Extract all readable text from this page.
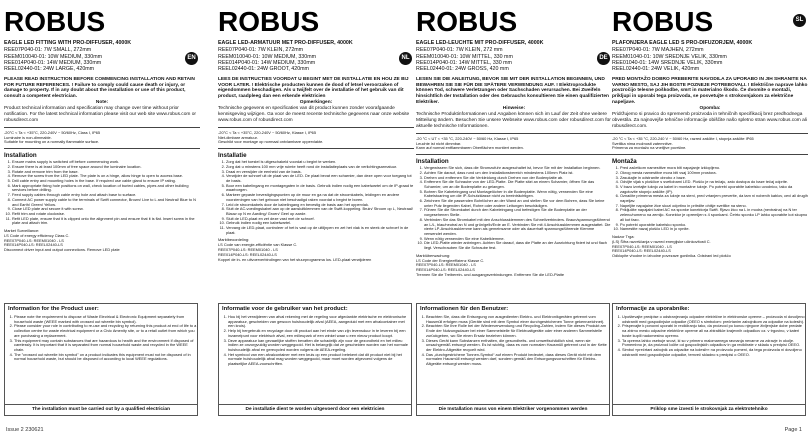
ROBUS
EN
EAGLE LED FITTING WITH PRO-DIFFUSER, 4000K
REE07P040-01: 7W SMALL, 272mm
REEM010040-01: 10W MEDIUM, 330mm
REE014P040-01: 14W MEDIUM, 330mm
REEL02440-01: 24W LARGE, 420mm
PLEASE READ INSTRUCTION BEFORE COMMENCING INSTALLATION AND RETAIN FOR FUTURE REFERENCES. ! Failure to comply could cause death or injury, or damage to property. If in any doubt about the installation or use of this product, consult a competent electrician.
Note:
Product technical information and specification may change over time without prior notification. For the latest technical information please visit our web site www.robus.com or robusdirect.com
-20°C < Ta < +35°C, 220-240V ~ 50/60Hz, Class I, IP65
Luminaire is non-dimmable.
Suitable for mounting on a normally flammable surface.
Installation
1. Ensure mains supply is switched off before commencing work.
2. Ensure there is at least 100mm of free space around the luminaire location.
3. Rotate and remove trim from the base.
4. Remove the screw from the LED plate. The plate is on a hinge, allow hinge to open to access base.
5. Drill cable entry and mounting holes in the base. If required use cable gland to ensure IP rating.
6. Mark appropriate fixing hole positions on wall, check location of buried cables, pipes and other building services before drilling.
7. Feed supply cables through cable entry hole and attach base to surface.
8. Connect AC power supply cable to the terminals of Swift connector, Brown/ Live to L and Neutral/ Blue to N and Earth/ Green/ Yellow.
9. Close LED plate and secure it with screw.
10. Refit trim and rotate clockwise.
11. Refit LED plate, ensure that it is clipped onto the alignment pin and ensure that it is flat. Insert screw in the plate and attach trim.
Market Surveillance:
LS Code of energy efficiency Class C.
REE07P040-LS: REEM01040 - LS
REE014P040-LS: REEL02440-LS
Disconnect driver input and output connections. Remove LED plate
Information for the Product user:
1. Please note the requirement to dispose of Waste Electrical & Electronic Equipment separately from household waste (WEEE marked with crossed out wheelie bin symbol).
2. Please consider your role in contributing to re-use and recycling by returning this product at end of life to a collection centre for waste electrical equipment or a Civic Amenity site, or to a retail outlet from which you are purchasing a replacement.
3. This equipment may contain substances that are hazardous to health and the environment if disposed of carelessly. It is important that it is separated from normal household waste and recycled in the WEEE chain.
4. The "crossed out wheelie bin symbol" on a product indicates this equipment must not be disposed of in normal household waste, but should be disposed of according to local WEEE regulations.
The installation must be carried out by a qualified electrician
ROBUS
NL
EAGLE LED-ARMATUUR MET PRO-DIFFUSER, 4000K
REE07P040-01: 7W KLEIN, 272mm
REEM010040-01: 10W MEDIUM, 330mm
REE014P040-01: 14W MEDIUM, 330mm
REEL02440-01: 24W GROOT, 420mm
LEES DE INSTRUCTIES VOORDAT U BEGINT MET DE INSTALLATIE EN HOU ZE BIJ VOOR LATER. ! Elektrische producten kunnen de dood of letsel veroorzaken of eigendommen beschadigen. Als u twijfelt over de installatie of het gebruik van dit product, raadpleeg dan een erkende elektricien
Opmerkingen:
Technische gegevens en specificaties van dit product kunnen zonder voorafgaande kennisgeving wijzigen. Ga voor de meest recente technische gegevens naar onze website www.robus.com of robusdirect.com
-20°C < Ta < +35°C, 220-240V ~ 50/60Hz, Klasse I, IP65
Niet-dimbare armatuur.
Geschikt voor montage op normaal ontvlambare oppervlakte.
Installatie
1. Zorg dat het toestel is uitgeschakeld voordat u begint te werken.
2. Zorg dat u minstens 100 mm vrije ruimte heeft rond de installatieplaats van de verlichtingsarmatuur.
3. Draai en verwijder de eenheid van de basis.
4. Verwijder de schroef uit de plaat van de LED. De plaat bevat een scharnier, dan deze open voor toegang tot de basis.
5. Boor een kabelingang en montagegaten in de basis. Gebruik indien nodig een kabelwartel om de IP-graad te waarborgen.
6. Markeer gepaste bevestigingspunten op de muur en ga na dat de stroomkabels, leidingen en andere voorzieningen van het gebouw niet beschadigd raken voordat u begint te boren.
7. Leid de stroomkabels door de kabelingang en bevestig de basis aan het oppervlak.
8. Sluit de AC-voedingskabel aan op de aansluitklemmen van de Swift-koppeling. Bruin/ Stroom op L, Neutraal/ Blauw op N en Aarding/ Groen/ Geel op aarde.
9. Sluit de LED-plaat en zet deze vast met de schroef.
10. Gebruik indien nodig een kabelwartel.
11. Vervang de LED-plaat, controleer of het is vast op de uitlijnpen en zet het vlak is en steek de schroef in de plaat.
Marktbeoordeling:
LS Code van energie-efficiëntie van Klasse C.
REE07P040-LS: REEM01040 - LS
REE014P040-LS: REEL02440-LS
Koppel de in- en uitvoerverbindingen van het stuurprogramma los. LED-plaat verwijderen
Informatie voor de gebruiker van het product:
1. Hou bij het verwijderen van afval rekening met de regeling voor afgedankte elektrische en elektronische apparatuur, gescheiden van gewoon huishoudelijk afval (AEEA, aangeduid met een afvalcontainer met een kruis).
2. Help bij hergebruik en recyclage door dit product aan het einde van zijn levensduur in te leveren bij een inzamelpunt voor elektrisch afval, een milieupark of een winkel waar u een nieuw product koopt.
3. Deze apparatuur kan gevaarlijke stoffen bevatten die schadelijk zijn voor de gezondheid en het milieu indien ze onzorgvuldig worden weggegooid. Het is belangrijk dat ze gescheiden worden van het normale huishoudelijk afval en gerecycled worden volgens de AEEA-regeling.
4. Het symbool van een afvalcontainer met een kruis op een product betekent dat dit product niet bij het normale huishoudelijk afval mag worden weggegooid, maar moet worden afgevoerd volgens de plaatselijke AEEA-voorschriften.
De installatie dient te worden uitgevoerd door een elektricien
ROBUS
DE
EAGLE LED-LEUCHTE MIT PRO-DIFFUSER, 4000K
REE07P040-01: 7W KLEIN, 272 mm
REEM010040-01: 10W MITTEL, 330 mm
REE014P040-01: 14W MITTEL, 330 mm
REEL02440-01: 24W GROSS, 420 mm
LESEN SIE DIE ANLEITUNG, BEVOR SIE MIT DER INSTALLATION BEGINNEN, UND BEWAHREN SIE SIE FÜR DIE SPÄTERE VERWENDUNG AUF. ! Elektroprodukte können Tod, schwere Verletzungen oder Sachschaden verursachen. Bei Zweifeln hinsichtlich der Installation oder des Gebrauchs konsultieren Sie einen qualifizierten Elektriker.
Hinweise:
Technische Produktinformationen und Angaben können sich im Lauf der Zeit ohne weitere Mitteilung ändern. Besuchen Sie unsere Webseite www.robus.com oder robusdirect.com für aktuelle technische Informationen.
-20 °C < UT < +35 °C, 220-240V ~ 50/60 Hz, Klasse I, IP65
Leuchte ist nicht dimmbar.
Kann auf normal entflammbaren Oberflächen montiert werden.
Installation
1. Vergewissern Sie sich, dass die Stromzufuhr ausgeschaltet ist, bevor Sie mit der Installation beginnen.
2. Achten Sie darauf, dass rund um den Installationsbereich mindestens 100mm Platz ist.
3. Drehen und entfernen Sie die Verkleidung durch Drehen von der Bodenplatte ab.
4. Entfernen Sie die Schraube von der LED-Platte. Die Platte sitzt an einem Scharnier, öffnen Sie das Scharnier, um an die Bodenplatte zu gelangen.
5. Bohren Sie Kabeleingang und Montagelöcher in die Bodenplatte. Wenn nötig, verwenden Sie eine Kabelstoarimg um die IP-Schutzklasse nicht zu beeinträchtigen.
6. Zeichnen Sie die passenden Bohrlöcher an der Wand an und stellen Sie vor dem Bohren, dass Sie keine unter Putz liegenden Kabel, Rohre oder andere Leitungen beschädigen.
7. Führen Sie die Stromkabel durch den Kabeleingang und befestigen Sie die Bodenplatte an der vorgesehenen Stelle.
8. Verbinden Sie das Stromkabel mit den Anschlussklemmen des Schnellverbinders. Braun/spannungsführend an L/L, blau/neutral an N und grün/gelb/Erde an E. Verbinden Sie mit 4 Anschlussklemmen ausgestattet. Die vierte LP-Anschlussklemme kann als gemeinsame oder als dauerhaft spannungsführende Klemme verwendet werden.
9. Wenn nötig verwenden Sie eine Kabelklemme.
10. Die LED-Platte wieder anbringen. Achten Sie darauf, dass die Platte an der Ausrichtung fixiert ist und flach liegt. Verschrauben Sie die Schraube fest.
Marktüberwachung:
LS Code der Energieeffizienz Klasse C.
REE07P040-LS: REEM01040 - LS
REE014P040-LS: REEL02440-LS
Trennen Sie die Treiberein- und ausgangsverbindungen. Entfernen Sie die LED-Platte
Informationen für den Benutzer:
1. Beachten Sie, dass die Entsorgung von ausgedienten Elektro- und Elektronikgeräten getrennt vom Hausmüll erfolgen muss (Geräte sind mit dem Symbol einer durchgestrichenen Tonne gekennzeichnet).
2. Beachten Sie Ihre Rolle bei der Wiederverwendung und Recycling-Zahlen, indem Sie dieses Produkt am Ende der Nutzungsdauer bei einer Sammelstelle für Elektroaltgeräte oder einer anderen Sammelstelle zurückgeben, wo Sie einen Ersatz beziehen können.
3. Dieses Gerät kann Substanzen enthalten, die gesundheits- und umweltschädlich sind, wenn sie unsachgemäß entsorgt werden. Es ist wichtig, dass es vom normalen Hausmüll getrennt und in der Kette der Elektro-Altgeräte recycelt wird.
4. Das „durchgestrichene Tonnen-Symbol“ auf einem Produkt bedeutet, dass dieses Gerät nicht mit dem normalen Hausmüll entsorgt werden darf, sondern gemäß den Entsorgungsvorschriften für Elektro-Altgeräte entsorgt werden muss.
Die Installation muss von einem Elektriker vorgenommen werden
ROBUS	SL
PLAFONJERA EAGLE LED S PRO-DIFUZORJEM, 4000K
REE07P040-01: 7W MAJHEN, 272mm
REEM01040-01: 10W SREDNJE VELIK, 330mm
REE01040-01: 14W SREDNJE VELIK, 330mm
REEL02440-01: 24W VELIK, 420mm
PRED MONTAŽO DOBRO PREBERITE NAVODILA ZA UPORABO IN JIH SHRANITE NA VARNO MESTO, SAJ JIH BOSTE POZNEJE POTREBOVALI. ! Električne naprave lahko povzročijo telesne poškodbe, smrt in materialno škodo. Če dvomite o montaži, prikljupi in uporabi tega proizvoda, se posvetujte s strokovnjakom za električne napeljave.
Opomba:
Pridržujemo si pravico do sprememb proizvoda in tehničnih specifikacij brez predhodnega obvestila. Za najnovejše tehnične informacije obiščite našo spletno stran www.robus.com ali robusdirect.com.
-20 °C < Ta < +35 °C, 220-240 V ~ 50/60 Hz, razred zaščite I, stopnja zaščite IP65
Svetilka nima možnosti zatemnitve.
Primerna za montažo na vnetljive površine.
Montaža
1. Pred začetkom namestitve mora biti napajanje izklopljeno.
2. Okrog mesta namestitve mora biti vsaj 100mm prostora.
3. Zasukajte in odstranite obrobo z baze.
4. Odvijte vijak s ploščice s svetlobami LED. Ploščo je na tečaju, zato dostopa do baze tečaj odprite.
5. V bazo izvrtajte luknjo za kabel in montažne luknje. Po potrebi uporabite kabelsko uvodnico, tako da zagotovite stopnjo zaščite (IP).
6. Označite primerna mesta za luknje na steni, pred vrtanjem preverite, da tam ni nobenih kablov, cevi ali drugih napeljav.
7. Napeljite napajalne žice skozi odprtino in pritrdite ohišje svetilke na steno.
8. Priključite napajalni kabel AC na sponke konektorja Swift. Rjavo žico na L in modra (nevtralna) na N ter zeleno/rumeno na zemljo. Konektor je opremljen s 4 sponkami. Četrto sponko LP lahko uporabite kot skupno ali kot fazo.
9. Po potrebi uporabite kabelsko sponko.
10. Namestite nazaj ploščo LED in jo vpnite.
Nadzor Trga:
(LS) Šifra razvrščanja v razred energijske učinkovitosti C.
REE07P040-LS: REEM01040 - LS
REE014P040-LS: REEL02440-LS
Odklopite vhodne in izhodne povezave gonilnika. Odstrani led ploščo
Informacije za uporabnike:
1. Upoštevajte predpise o odstranjevanju odpadne električne in elektronske opreme – proizvoda ni dovoljeno odstraniti med gospodinjske odpadke (OEEO s simbolom: prečrtanim zabojnikom za odpadke na kolesih).
2. Prispevajte k ponovni uporabi in recikliranju tako, da proizvod po koncu njegove življenjske dobe predate na zbirno mesto odpadne električne opreme ali na zbirališče krajevnih odpadkov oz. v trgovino, v kateri boste kupili nadomestno opremo.
3. Ta oprema lahko vsebuje snovi, ki so v primeru malomarnega ravnanja nevarne za zdravje in okolje. Pomembno je, da proizvod ločite od gospodinjskih odpadkov in ga reciklirate v skladu s predpisi OEEO.
4. Simbol »prečrtani zabojnik za odpadke na kolesih« na proizvodu pomeni, da tega proizvoda ni dovoljeno odstraniti med gospodinjske odpadke, temveč skladno s predpisi o OEEO.
Priklop sme izvesti le strokovnjak za elektrotehniko
Issue 2 230621	Page 1
